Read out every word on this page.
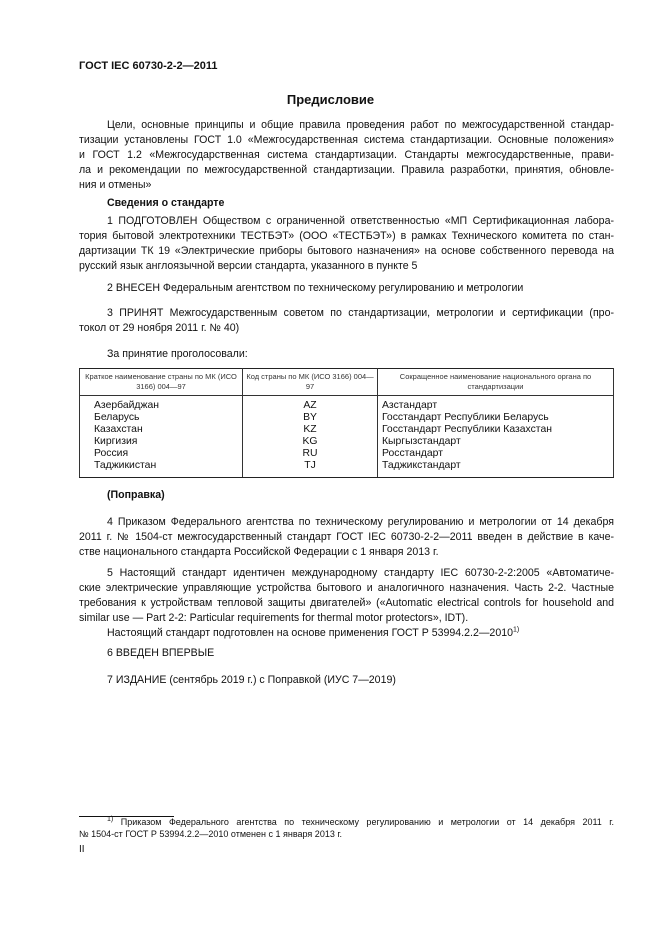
ГОСТ IEC 60730-2-2—2011
Предисловие
Цели, основные принципы и общие правила проведения работ по межгосударственной стандар-
тизации установлены ГОСТ 1.0 «Межгосударственная система стандартизации. Основные положения»
и ГОСТ 1.2 «Межгосударственная система стандартизации. Стандарты межгосударственные, прави-
ла и рекомендации по межгосударственной стандартизации. Правила разработки, принятия, обновле-
ния и отмены»
Сведения о стандарте
1 ПОДГОТОВЛЕН Обществом с ограниченной ответственностью «МП Сертификационная лабора-
тория бытовой электротехники ТЕСТБЭТ» (ООО «ТЕСТБЭТ») в рамках Технического комитета по стан-
дартизации ТК 19 «Электрические приборы бытового назначения» на основе собственного перевода на
русский язык англоязычной версии стандарта, указанного в пункте 5
2 ВНЕСЕН Федеральным агентством по техническому регулированию и метрологии
3 ПРИНЯТ Межгосударственным советом по стандартизации, метрологии и сертификации (про-
токол от 29 ноября 2011 г. № 40)
За принятие проголосовали:
Краткое наименование страны по МК (ИСО 3166) 004—97	Код страны по МК (ИСО 3166) 004—97	Сокращенное наименование национального органа по стандартизации
Азербайджан	AZ	Азстандарт
Беларусь	BY	Госстандарт Республики Беларусь
Казахстан	KZ	Госстандарт Республики Казахстан
Киргизия	KG	Кыргызстандарт
Россия	RU	Росстандарт
Таджикистан	TJ	Таджикстандарт
(Поправка)
4 Приказом Федерального агентства по техническому регулированию и метрологии от 14 декабря
2011 г. № 1504-ст межгосударственный стандарт ГОСТ IEC 60730-2-2—2011 введен в действие в каче-
стве национального стандарта Российской Федерации с 1 января 2013 г.
5 Настоящий стандарт идентичен международному стандарту IEC 60730-2-2:2005 «Автоматиче-
ские электрические управляющие устройства бытового и аналогичного назначения. Часть 2-2. Частные
требования к устройствам тепловой защиты двигателей» («Automatic electrical controls for household and
similar use — Part 2-2: Particular requirements for thermal motor protectors», IDT).
Настоящий стандарт подготовлен на основе применения ГОСТ Р 53994.2.2—2010$^{1)}$
6 ВВЕДЕН ВПЕРВЫЕ
7 ИЗДАНИЕ (сентябрь 2019 г.) с Поправкой (ИУС 7—2019)
$^{1)}$ Приказом Федерального агентства по техническому регулированию и метрологии от 14 декабря 2011 г.
№ 1504-ст ГОСТ Р 53994.2.2—2010 отменен с 1 января 2013 г.
II
